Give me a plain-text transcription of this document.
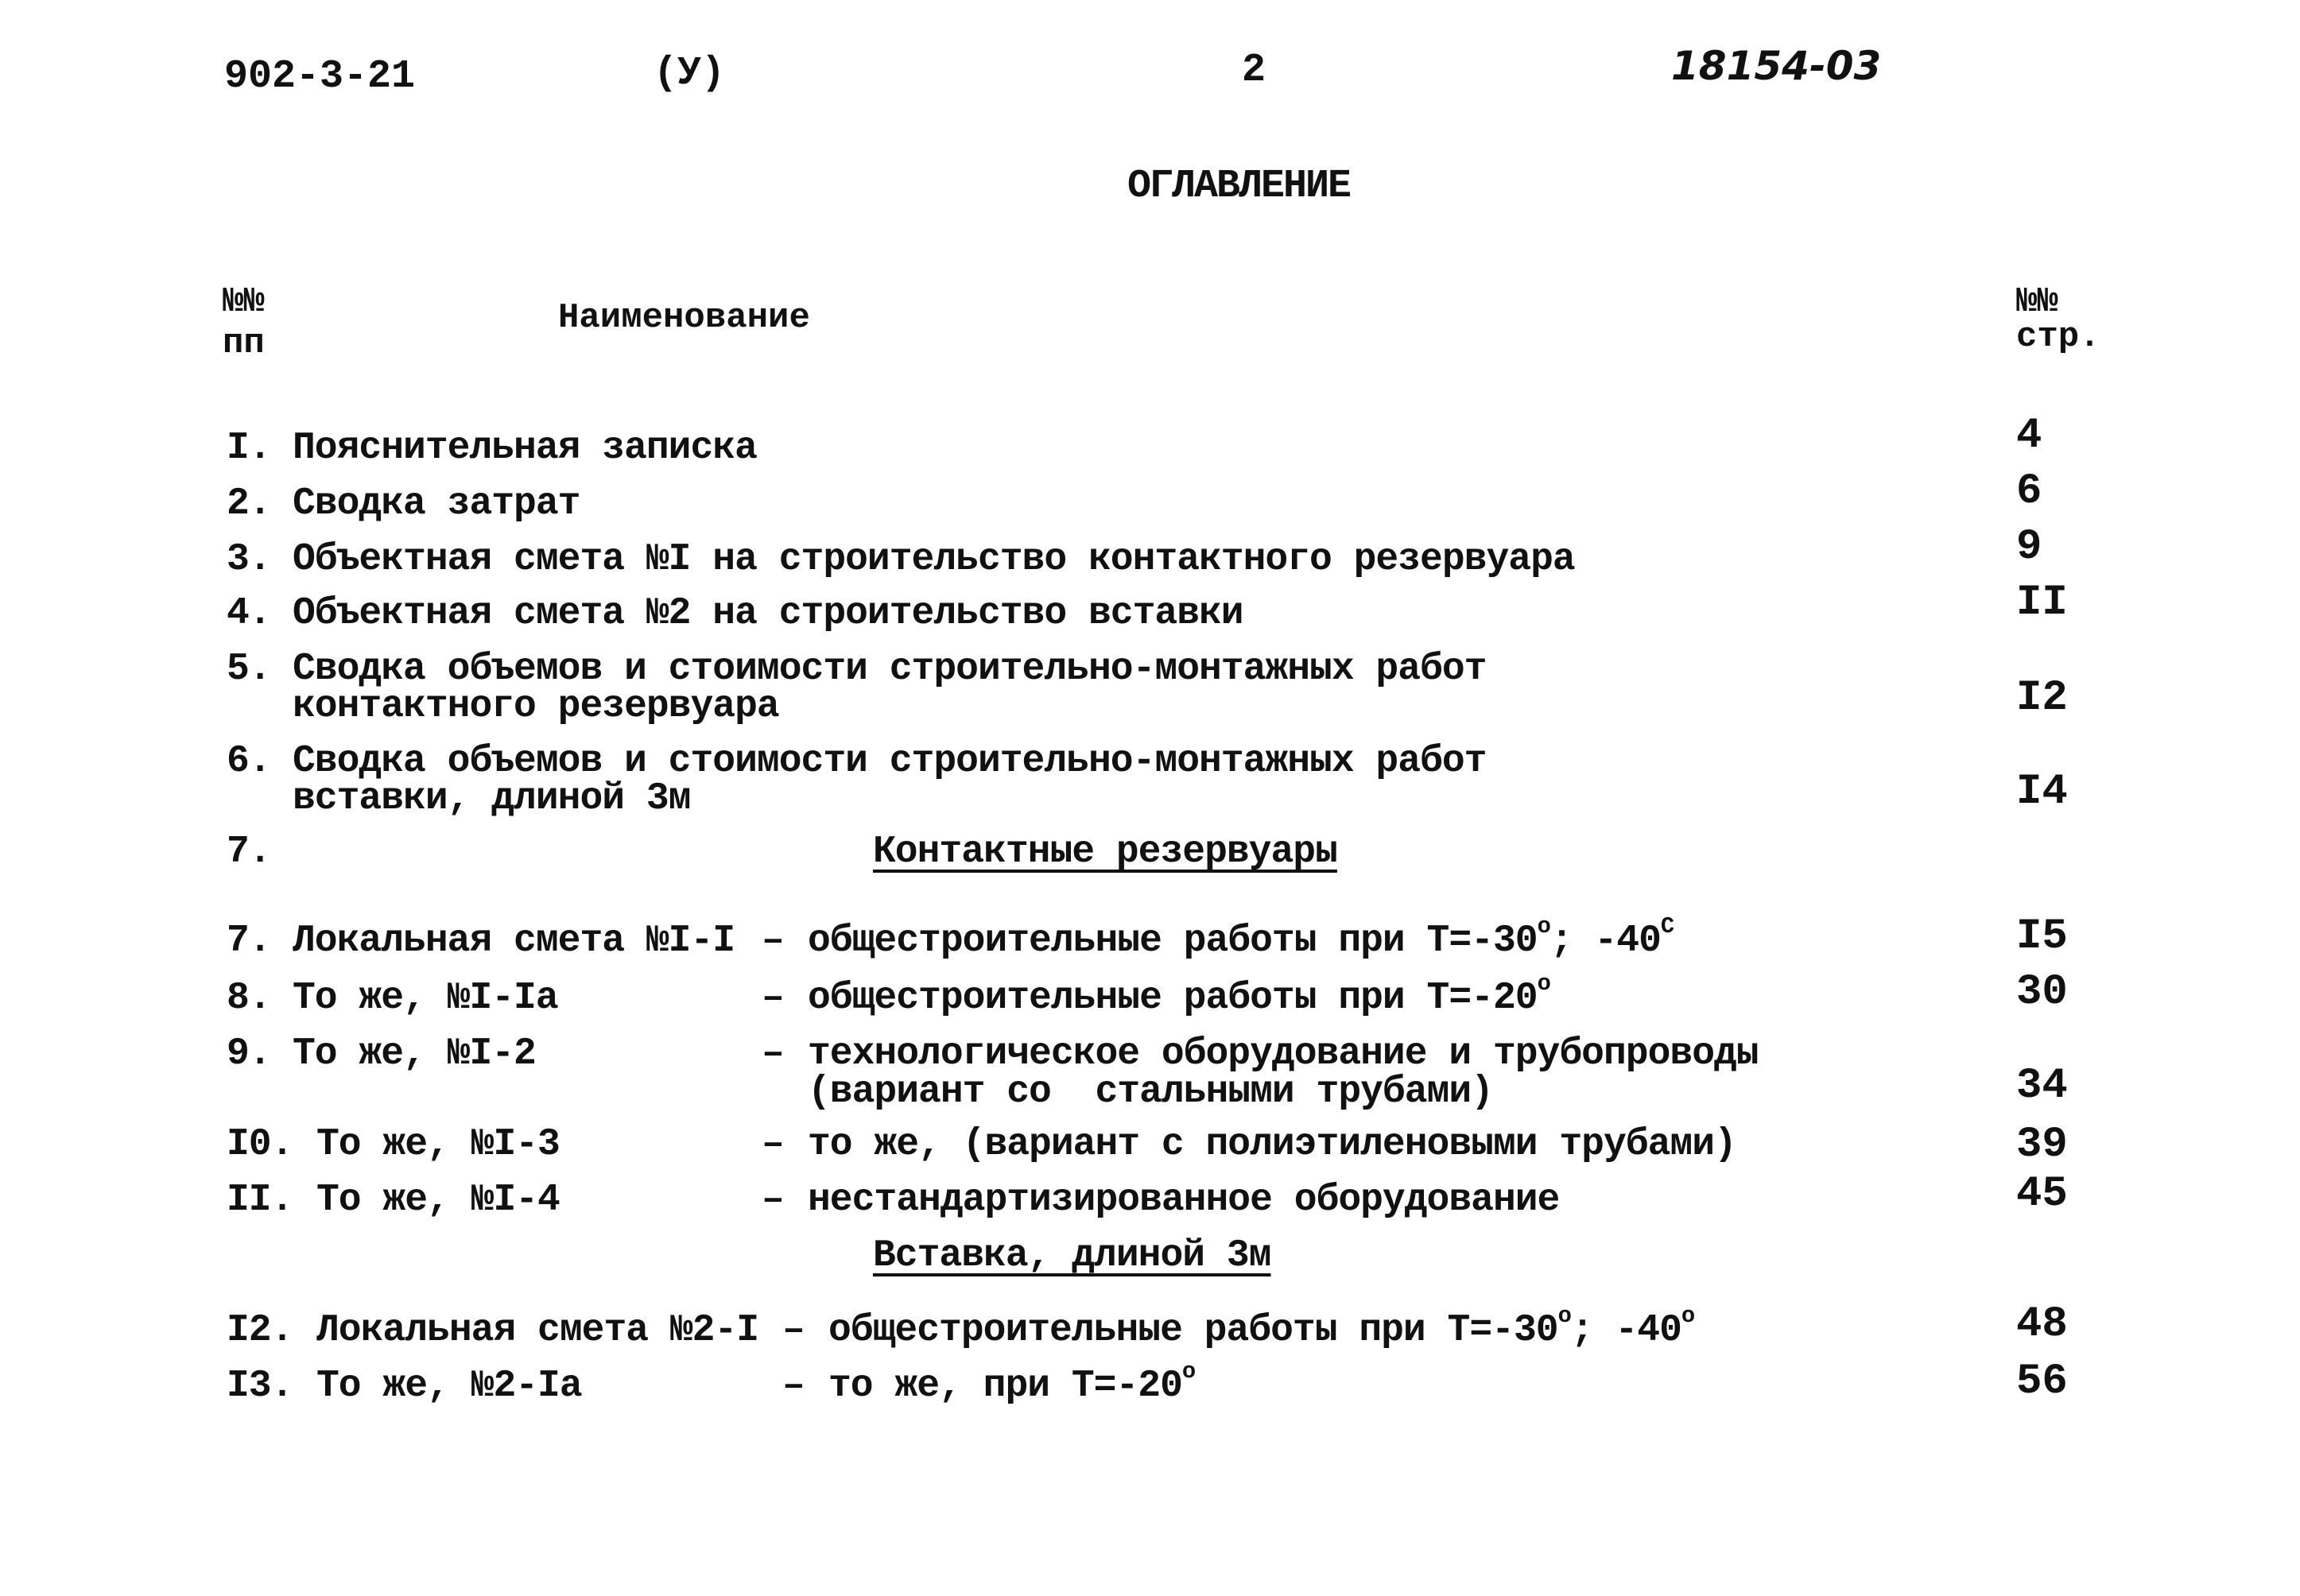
902-3-21	(У)	2	18154-03
ОГЛАВЛЕНИЕ
№№
пп
Наименование	№№
стр.
I. Пояснительная записка	4
2. Сводка затрат	6
3. Объектная смета №I на строительство контактного резервуара	9
4. Объектная смета №2 на строительство вставки	II
5. Сводка объемов и стоимости строительно-монтажных работ
контактного резервуара	I2
6. Сводка объемов и стоимости строительно-монтажных работ
вставки, длиной 3м	I4
7.	Контактные резервуары
7. Локальная смета №I-I – общестроительные работы при $Т=-30^о$; $-40^С$	I5
8. То же, №I-Iа	– общестроительные работы при $Т=-20^о$	30
9. То же, №I-2	– технологическое оборудование и трубопроводы
(вариант со  стальными трубами)	34
I0. То же, №I-3	– то же, (вариант с полиэтиленовыми трубами)	39
II. То же, №I-4	– нестандартизированное оборудование	45
Вставка, длиной 3м
I2. Локальная смета №2-I – общестроительные работы при $Т=-30^о$; $-40^о$	48
I3. То же, №2-Iа	– то же, при $Т=-20^о$	56
